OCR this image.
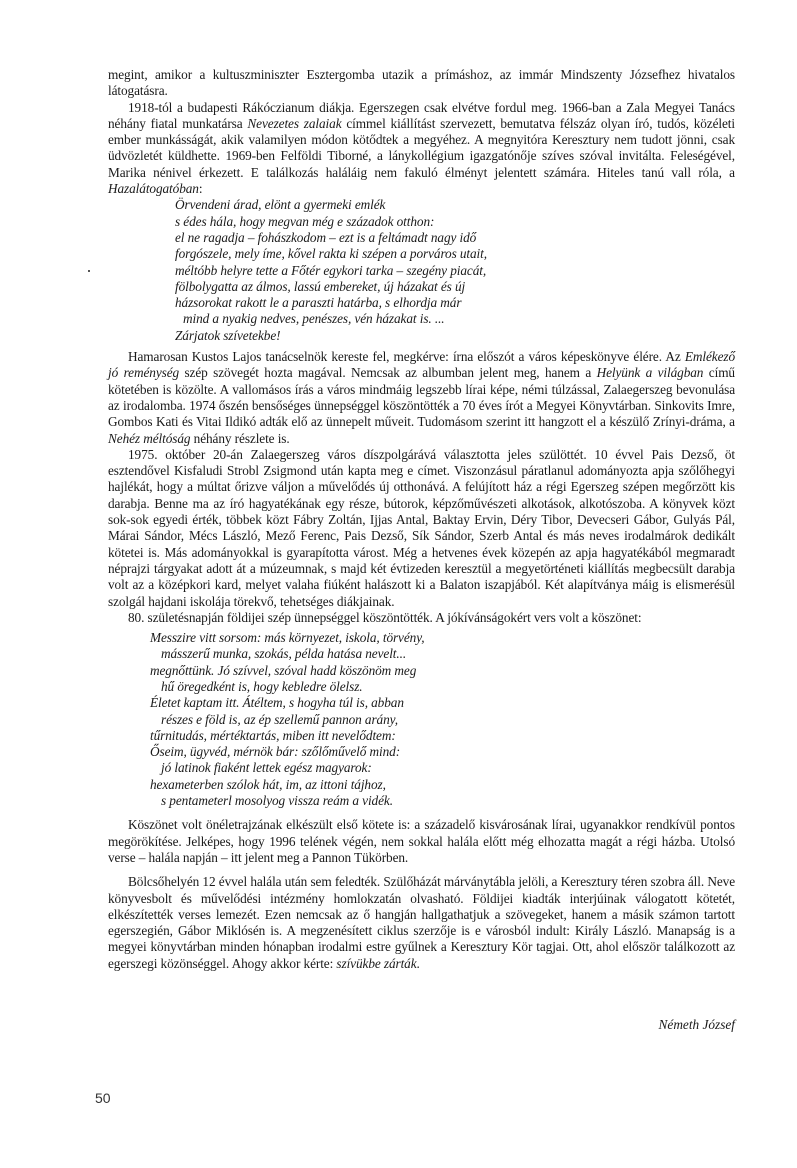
megint, amikor a kultuszminiszter Esztergomba utazik a prímáshoz, az immár Mindszenty Józsefhez hivatalos látogatásra.

1918-tól a budapesti Rákóczianum diákja. Egerszegen csak elvétve fordul meg. 1966-ban a Zala Megyei Tanács néhány fiatal munkatársa Nevezetes zalaiak címmel kiállítást szervezett, bemutatva félszáz olyan író, tudós, közéleti ember munkásságát, akik valamilyen módon kötődtek a megyéhez. A megnyitóra Keresztury nem tudott jönni, csak üdvözletét küldhette. 1969-ben Felföldi Tiborné, a lánykollégium igazgatónője szíves szóval invitálta. Feleségével, Marika nénivel érkezett. E találkozás haláláig nem fakuló élményt jelentett számára. Hiteles tanú vall róla, a Hazalátogatóban:

Örvendeni árad, elönt a gyermeki emlék
s édes hála, hogy megvan még e századok otthon:
el ne ragadja – fohászkodom – ezt is a feltámadt nagy idő
forgószele, mely íme, kővel rakta ki szépen a porváros utait,
méltóbb helyre tette a Főtér egykori tarka – szegény piacát,
fölbolygatta az álmos, lassú embereket, új házakat és új
házsorokat rakott le a paraszti határba, s elhordja már
mind a nyakig nedves, penészes, vén házakat is. ...
Zárjatok szívetekbe!

Hamarosan Kustos Lajos tanácselnök kereste fel, megkérve: írna előszót a város képeskönyve élére. Az Emlékező jó reménység szép szövegét hozta magával. Nemcsak az albumban jelent meg, hanem a Helyünk a világban című kötetében is közölte. A vallomásos írás a város mindmáig legszebb lírai képe, némi túlzással, Zalaegerszeg bevonulása az irodalomba. 1974 őszén bensőséges ünnepséggel köszöntötték a 70 éves írót a Megyei Könyvtárban. Sinkovits Imre, Gombos Kati és Vitai Ildikó adták elő az ünnepelt műveit. Tudomásom szerint itt hangzott el a készülő Zrínyi-dráma, a Nehéz méltóság néhány részlete is.

1975. október 20-án Zalaegerszeg város díszpolgárává választotta jeles szülöttét. 10 évvel Pais Dezső, öt esztendővel Kisfaludi Strobl Zsigmond után kapta meg e címet. Viszonzásul páratlanul adományozta apja szőlőhegyi hajlékát, hogy a múltat őrizve váljon a művelődés új otthonává. A felújított ház a régi Egerszeg szépen megőrzött kis darabja. Benne ma az író hagyatékának egy része, bútorok, képzőművészeti alkotások, alkotószoba. A könyvek közt sok-sok egyedi érték, többek közt Fábry Zoltán, Ijjas Antal, Baktay Ervin, Déry Tibor, Devecseri Gábor, Gulyás Pál, Márai Sándor, Mécs László, Mező Ferenc, Pais Dezső, Sík Sándor, Szerb Antal és más neves irodalmárok dedikált kötetei is. Más adományokkal is gyarapította várost. Még a hetvenes évek közepén az apja hagyatékából megmaradt néprajzi tárgyakat adott át a múzeumnak, s majd két évtizeden keresztül a megyetörténeti kiállítás megbecsült darabja volt az a középkori kard, melyet valaha fiúként halászott ki a Balaton iszapjából. Két alapítványa máig is elismerésül szolgál hajdani iskolája törekvő, tehetséges diákjainak.

80. születésnapján földijei szép ünnepséggel köszöntötték. A jókívánságokért vers volt a köszönet:

Messzire vitt sorsom: más környezet, iskola, törvény,
másszerű munka, szokás, példa hatása nevelt...
megnőttünk. Jó szívvel, szóval hadd köszönöm meg
hű öregedként is, hogy kebledre ölelsz.
Életet kaptam itt. Átéltem, s hogyha túl is, abban
részes e föld is, az ép szellemű pannon arány,
tűrnitudás, mértéktartás, miben itt nevelődtem:
Őseim, ügyvéd, mérnök bár: szőlőművelő mind:
jó latinok fiaként lettek egész magyarok:
hexameterben szólok hát, im, az ittoni tájhoz,
s pentameterl mosolyog vissza reám a vidék.

Köszönet volt önéletrajzának elkészült első kötete is: a századelő kisvárosának lírai, ugyanakkor rendkívül pontos megörökítése. Jelképes, hogy 1996 telének végén, nem sokkal halála előtt még elhozatta magát a régi házba. Utolsó verse – halála napján – itt jelent meg a Pannon Tükörben.

Bölcsőhelyén 12 évvel halála után sem feledték. Szülőházát márványtábla jelöli, a Keresztury téren szobra áll. Neve könyvesbolt és művelődési intézmény homlokzatán olvasható. Földijei kiadták interjúinak válogatott kötetét, elkészítették verses lemezét. Ezen nemcsak az ő hangján hallgathatjuk a szövegeket, hanem a másik számon tartott egerszegién, Gábor Miklósén is. A megzenésített ciklus szerzője is e városból indult: Király László. Manapság is a megyei könyvtárban minden hónapban irodalmi estre gyűlnek a Keresztury Kör tagjai. Ott, ahol először találkozott az egerszegi közönséggel. Ahogy akkor kérte: szívükbe zárták.

Németh József
50
